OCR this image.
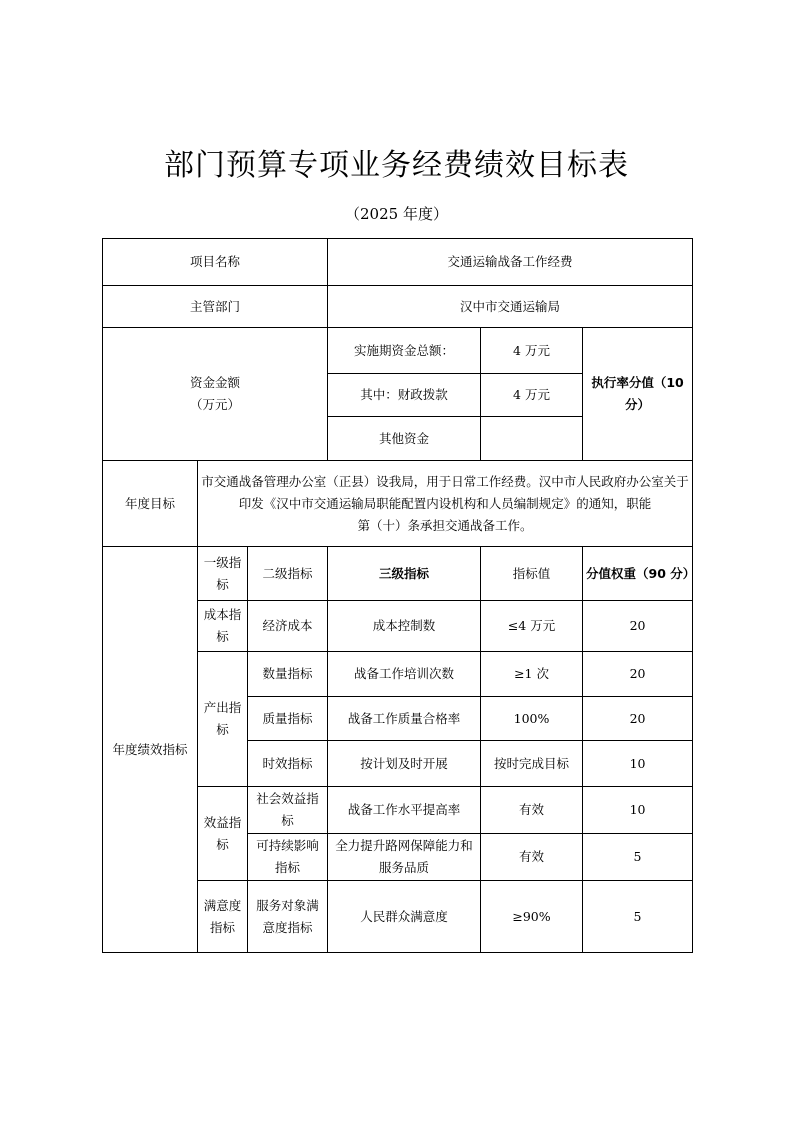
部门预算专项业务经费绩效目标表
（2025 年度）
项目名称			交通运输战备工作经费		
主管部门			汉中市交通运输局		
资金金额
（万元）			实施期资金总额：	4 万元	执行率分值（10分）
			其中：财政拨款	4 万元	
			其他资金		
年度目标	市交通战备管理办公室（正县）设我局，用于日常工作经费。汉中市人民政府办公室关于印发《汉中市交通运输局职能配置内设机构和人员编制规定》的通知，职能
第（十）条承担交通战备工作。				

年度绩效指标	一级指标	二级指标	三级指标	指标值	分值权重（90 分）
	成本指标	经济成本	成本控制数	≤4 万元	20
	产出指标	数量指标	战备工作培训次数	≥1 次	20
		质量指标	战备工作质量合格率	100%	20
		时效指标	按计划及时开展	按时完成目标	10
	效益指标	社会效益指标	战备工作水平提高率	有效	10
		可持续影响指标	全力提升路网保障能力和服务品质	有效	5
	满意度指标	服务对象满意度指标	人民群众满意度	≥90%	5
